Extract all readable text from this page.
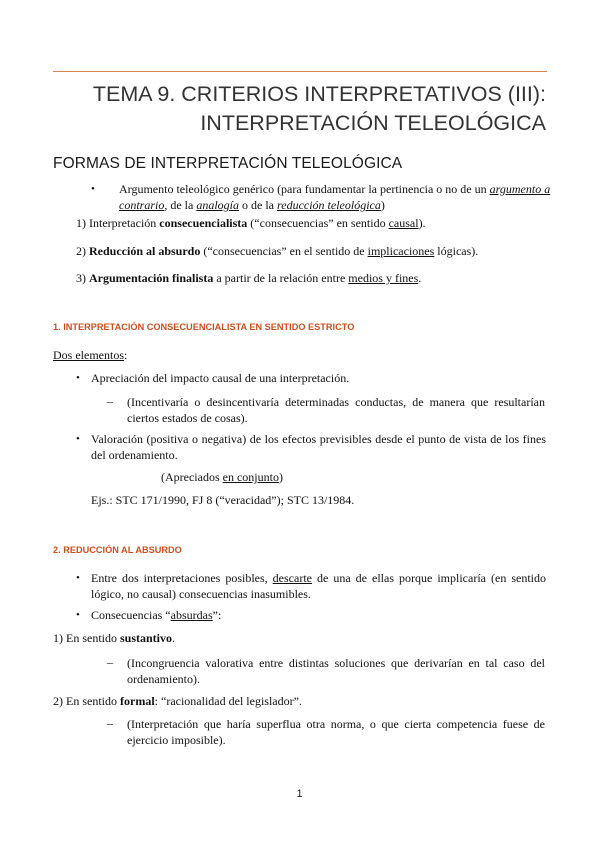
TEMA 9. CRITERIOS INTERPRETATIVOS (III):
INTERPRETACIÓN TELEOLÓGICA
FORMAS DE INTERPRETACIÓN TELEOLÓGICA
• Argumento teleológico genérico (para fundamentar la pertinencia o no de un argumento a
contrario, de la analogía o de la reducción teleológica)
1) Interpretación consecuencialista (“consecuencias” en sentido causal).
2) Reducción al absurdo (“consecuencias” en el sentido de implicaciones lógicas).
3) Argumentación finalista a partir de la relación entre medios y fines.
1. INTERPRETACIÓN CONSECUENCIALISTA EN SENTIDO ESTRICTO
Dos elementos:
• Apreciación del impacto causal de una interpretación.
– (Incentivaría o desincentivaría determinadas conductas, de manera que resultarían
ciertos estados de cosas).
• Valoración (positiva o negativa) de los efectos previsibles desde el punto de vista de los fines
del ordenamiento.
(Apreciados en conjunto)
Ejs.: STC 171/1990, FJ 8 (“veracidad”); STC 13/1984.
2. REDUCCIÓN AL ABSURDO
• Entre dos interpretaciones posibles, descarte de una de ellas porque implicaría (en sentido
lógico, no causal) consecuencias inasumibles.
• Consecuencias “absurdas”:
1) En sentido sustantivo.
– (Incongruencia valorativa entre distintas soluciones que derivarían en tal caso del
ordenamiento).
2) En sentido formal: “racionalidad del legislador”.
– (Interpretación que haría superflua otra norma, o que cierta competencia fuese de
ejercicio imposible).
1
